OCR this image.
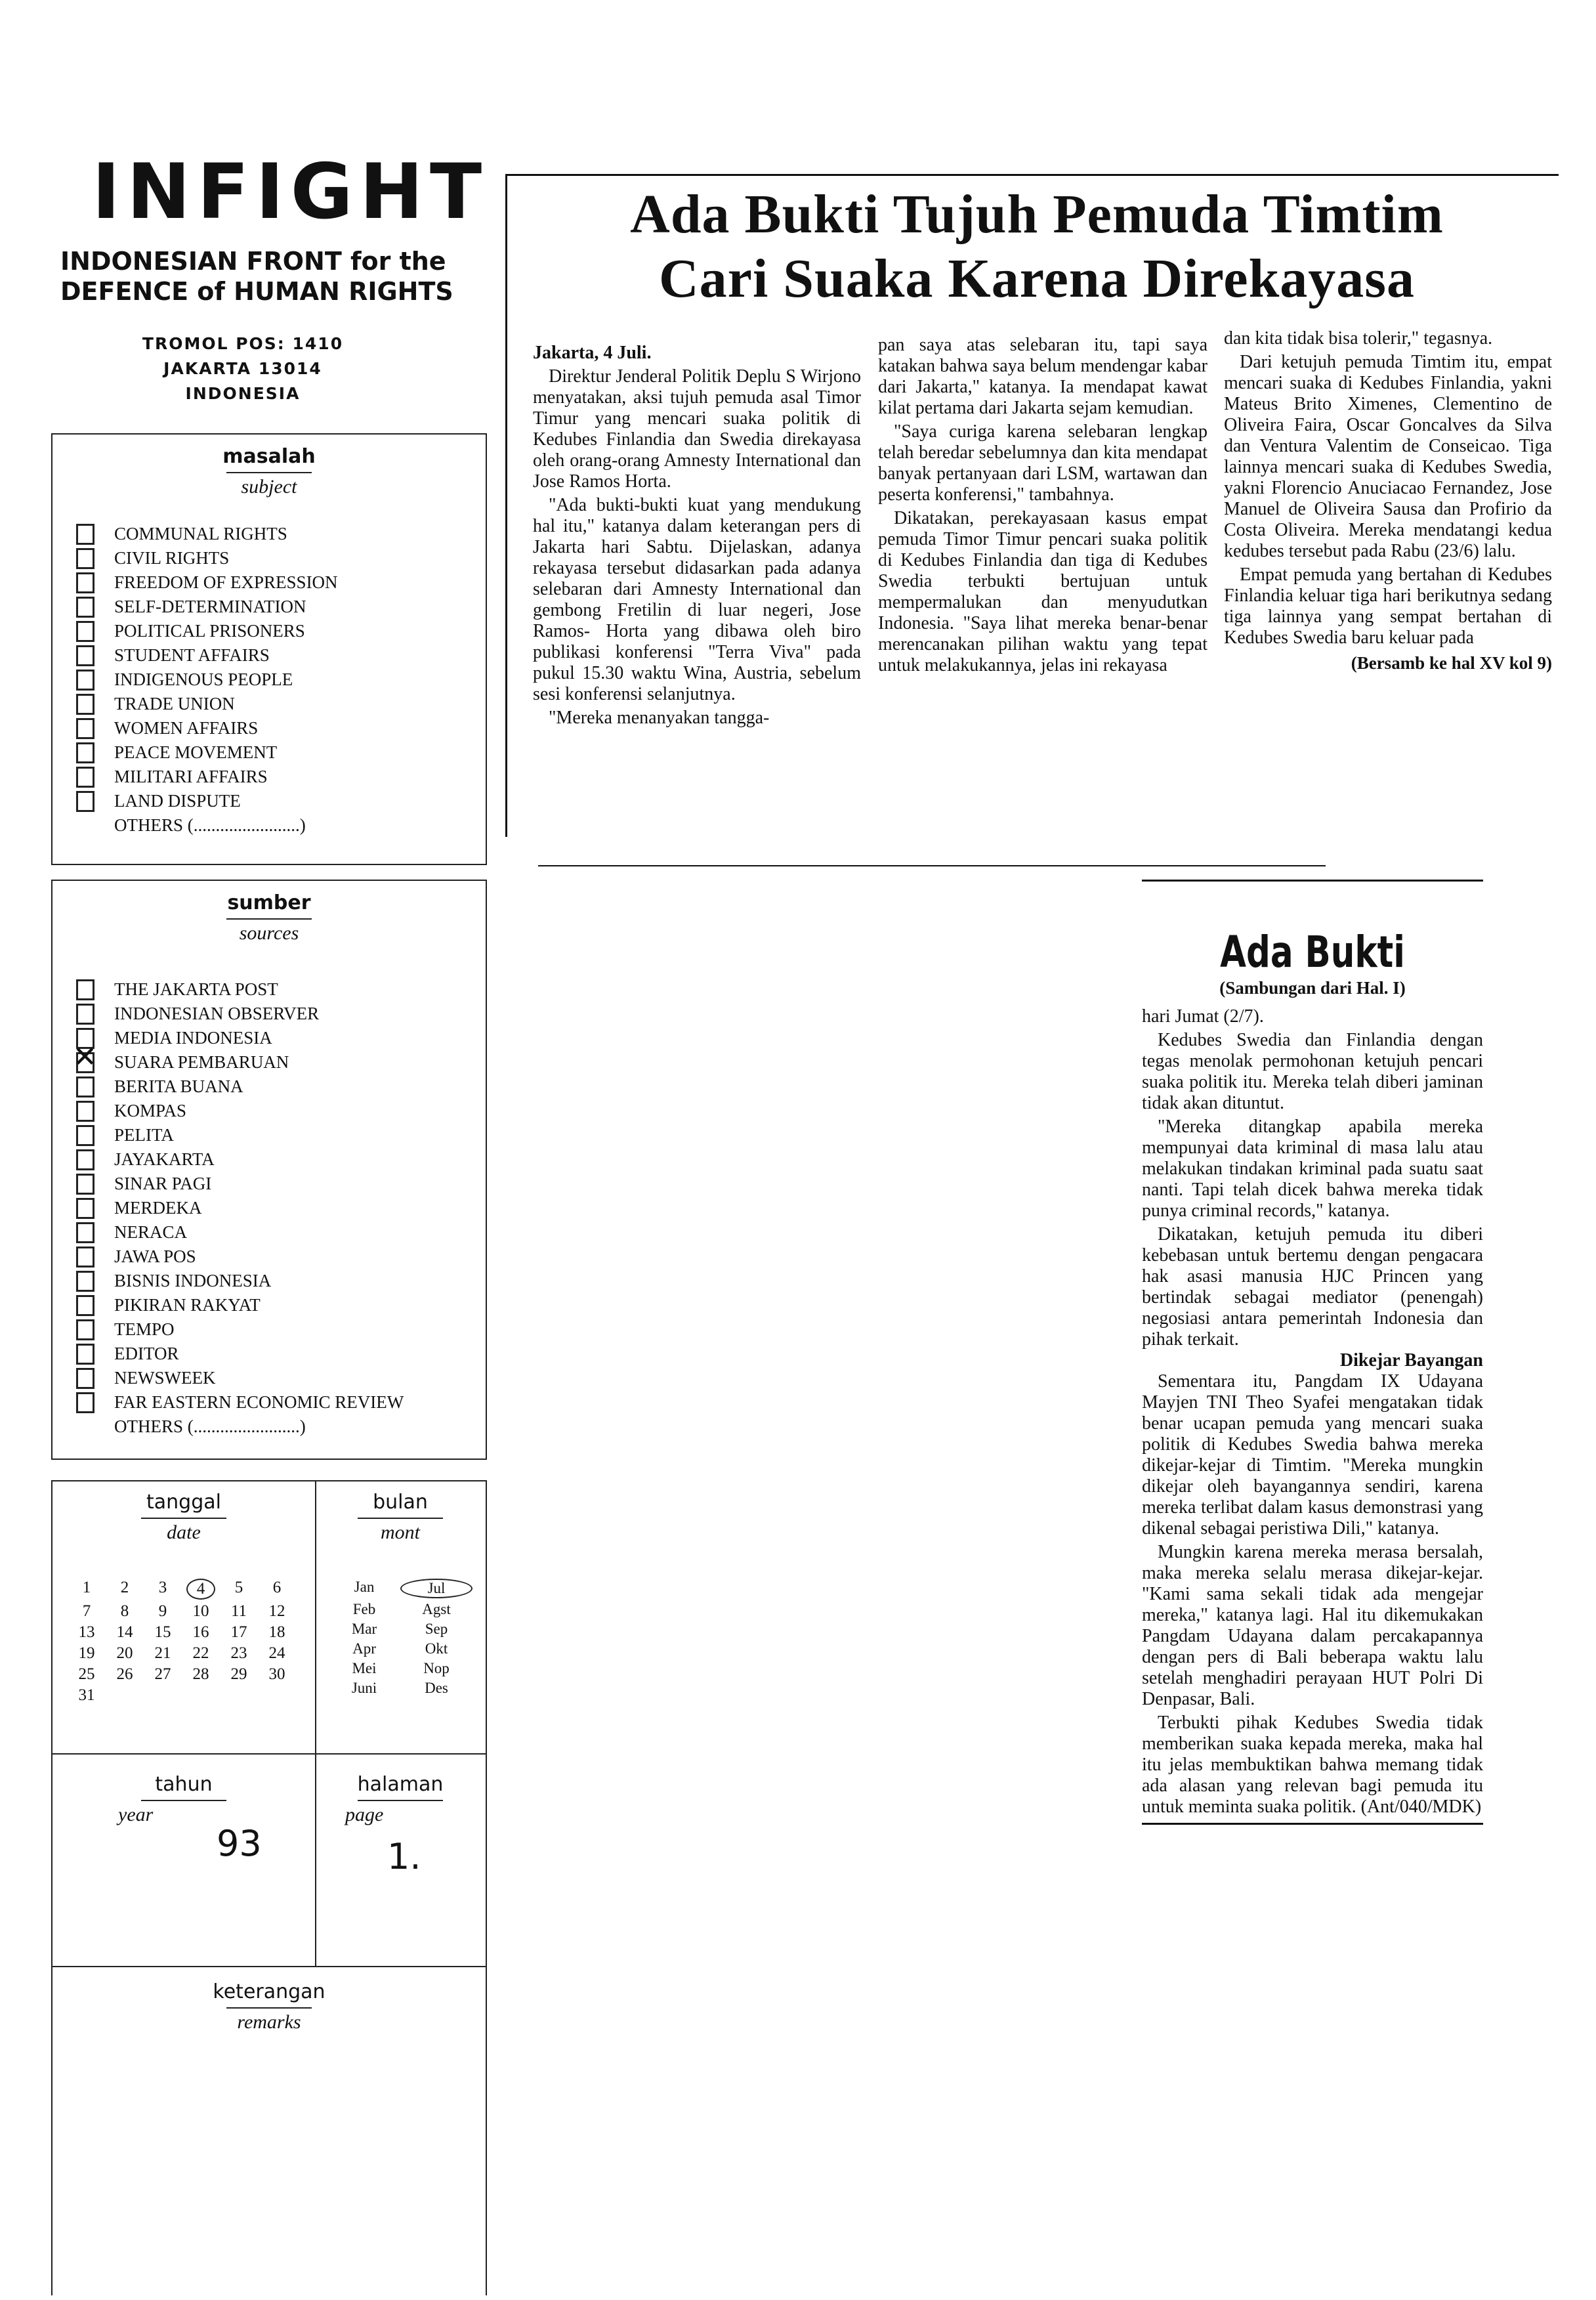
INFIGHT
INDONESIAN FRONT for the
DEFENCE of HUMAN RIGHTS
TROMOL POS: 1410
JAKARTA 13014
INDONESIA
masalah
subject
COMMUNAL RIGHTS
CIVIL RIGHTS
FREEDOM OF EXPRESSION
SELF-DETERMINATION
POLITICAL PRISONERS
STUDENT AFFAIRS
INDIGENOUS PEOPLE
TRADE UNION
WOMEN AFFAIRS
PEACE MOVEMENT
MILITARI AFFAIRS
LAND DISPUTE
OTHERS (........................)
sumber
sources
THE JAKARTA POST
INDONESIAN OBSERVER
MEDIA INDONESIA
✕
SUARA PEMBARUAN
BERITA BUANA
KOMPAS
PELITA
JAYAKARTA
SINAR PAGI
MERDEKA
NERACA
JAWA POS
BISNIS INDONESIA
PIKIRAN RAKYAT
TEMPO
EDITOR
NEWSWEEK
FAR EASTERN ECONOMIC REVIEW
OTHERS (........................)
tanggal
date
1	2	3	4	5	6
7	8	9	10	11	12
13	14	15	16	17	18
19	20	21	22	23	24
25	26	27	28	29	30
31
bulan
mont
Jan	Jul
Feb	Agst
Mar	Sep
Apr	Okt
Mei	Nop
Juni	Des
tahun
year
93
halaman
page
1.
keterangan
remarks
Ada Bukti Tujuh Pemuda Timtim
Cari Suaka Karena Direkayasa

Jakarta, 4 Juli.

Direktur Jenderal Politik Deplu S Wirjono menyatakan, aksi tujuh pemuda asal Timor Timur yang mencari suaka politik di Kedubes Finlandia dan Swedia direkayasa oleh orang-orang Amnesty International dan Jose Ramos Horta.

"Ada bukti-bukti kuat yang mendukung hal itu," katanya dalam keterangan pers di Jakarta hari Sabtu. Dijelaskan, adanya rekayasa tersebut didasarkan pada adanya selebaran dari Amnesty International dan gembong Fretilin di luar negeri, Jose Ramos- Horta yang dibawa oleh biro publikasi konferensi "Terra Viva" pada pukul 15.30 waktu Wina, Austria, sebelum sesi konferensi selanjutnya.

"Mereka menanyakan tangga-

pan saya atas selebaran itu, tapi saya katakan bahwa saya belum mendengar kabar dari Jakarta," katanya. Ia mendapat kawat kilat pertama dari Jakarta sejam kemudian.

"Saya curiga karena selebaran lengkap telah beredar sebelumnya dan kita mendapat banyak pertanyaan dari LSM, wartawan dan peserta konferensi," tambahnya.

Dikatakan, perekayasaan kasus empat pemuda Timor Timur pencari suaka politik di Kedubes Finlandia dan tiga di Kedubes Swedia terbukti bertujuan untuk mempermalukan dan menyudutkan Indonesia. "Saya lihat mereka benar-benar merencanakan pilihan waktu yang tepat untuk melakukannya, jelas ini rekayasa

dan kita tidak bisa tolerir," tegasnya.

Dari ketujuh pemuda Timtim itu, empat mencari suaka di Kedubes Finlandia, yakni Mateus Brito Ximenes, Clementino de Oliveira Faira, Oscar Goncalves da Silva dan Ventura Valentim de Conseicao. Tiga lainnya mencari suaka di Kedubes Swedia, yakni Florencio Anuciacao Fernandez, Jose Manuel de Oliveira Sausa dan Profirio da Costa Oliveira. Mereka mendatangi kedua kedubes tersebut pada Rabu (23/6) lalu.

Empat pemuda yang bertahan di Kedubes Finlandia keluar tiga hari berikutnya sedang tiga lainnya yang sempat bertahan di Kedubes Swedia baru keluar pada

(Bersamb ke hal XV kol 9)
Ada Bukti
(Sambungan dari Hal. I)

hari Jumat (2/7).

Kedubes Swedia dan Finlandia dengan tegas menolak permohonan ketujuh pencari suaka politik itu. Mereka telah diberi jaminan tidak akan dituntut.

"Mereka ditangkap apabila mereka mempunyai data kriminal di masa lalu atau melakukan tindakan kriminal pada suatu saat nanti. Tapi telah dicek bahwa mereka tidak punya criminal records," katanya.

Dikatakan, ketujuh pemuda itu diberi kebebasan untuk bertemu dengan pengacara hak asasi manusia HJC Princen yang bertindak sebagai mediator (penengah) negosiasi antara pemerintah Indonesia dan pihak terkait.

Dikejar Bayangan

Sementara itu, Pangdam IX Udayana Mayjen TNI Theo Syafei mengatakan tidak benar ucapan pemuda yang mencari suaka politik di Kedubes Swedia bahwa mereka dikejar-kejar di Timtim. "Mereka mungkin dikejar oleh bayangannya sendiri, karena mereka terlibat dalam kasus demonstrasi yang dikenal sebagai peristiwa Dili," katanya.

Mungkin karena mereka merasa bersalah, maka mereka selalu merasa dikejar-kejar. "Kami sama sekali tidak ada mengejar mereka," katanya lagi. Hal itu dikemukakan Pangdam Udayana dalam percakapannya dengan pers di Bali beberapa waktu lalu setelah menghadiri perayaan HUT Polri Di Denpasar, Bali.

Terbukti pihak Kedubes Swedia tidak memberikan suaka kepada mereka, maka hal itu jelas membuktikan bahwa memang tidak ada alasan yang relevan bagi pemuda itu untuk meminta suaka politik. (Ant/040/MDK)
